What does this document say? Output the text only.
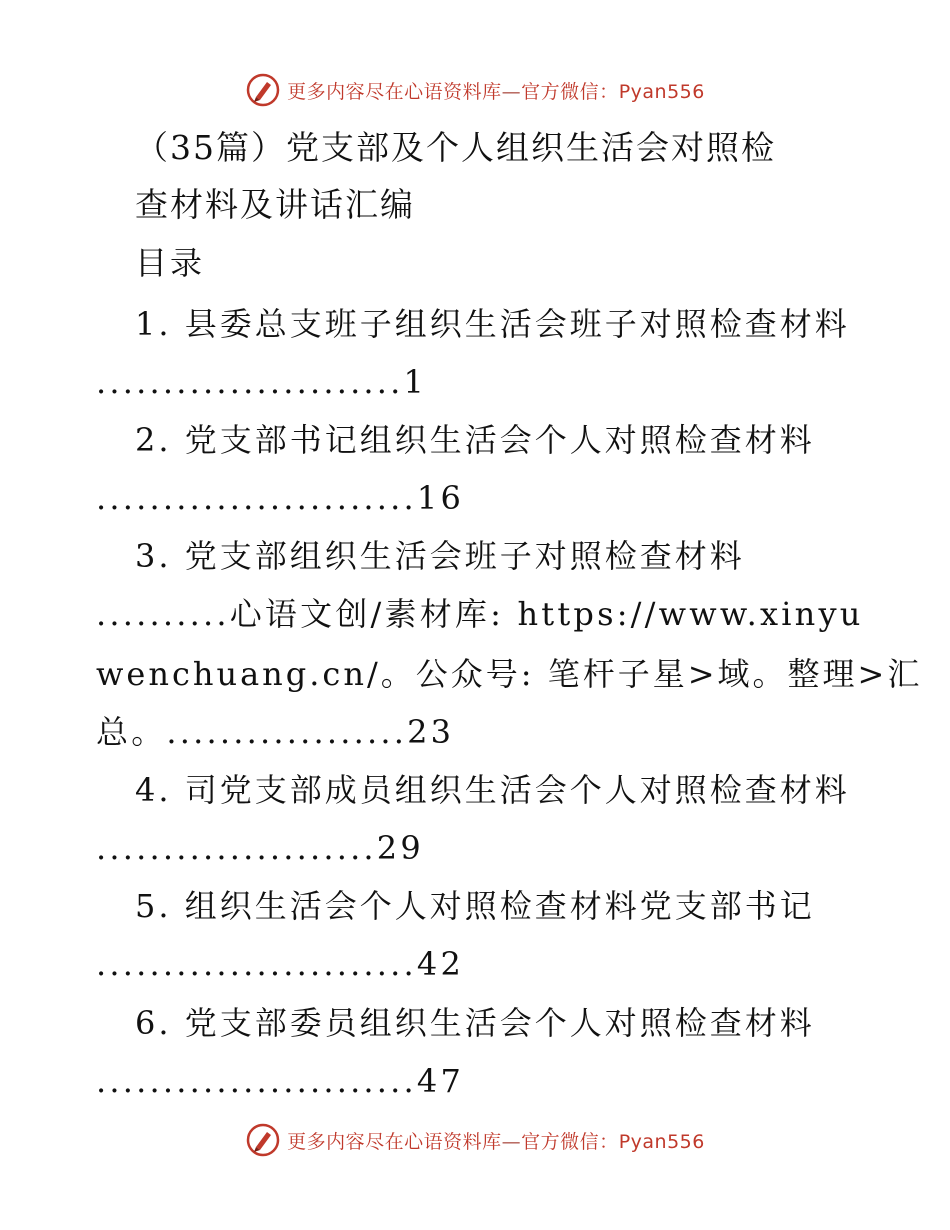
更多内容尽在心语资料库—官方微信：Pyan556
（35篇）党支部及个人组织生活会对照检
查材料及讲话汇编
目录
1. 县委总支班子组织生活会班子对照检查材料
.......................1
2. 党支部书记组织生活会个人对照检查材料
........................16
3. 党支部组织生活会班子对照检查材料
..........心语文创/素材库: https://www.xinyu
wenchuang.cn/。公众号: 笔杆子星>域。整理>汇
总。..................23
4. 司党支部成员组织生活会个人对照检查材料
.....................29
5. 组织生活会个人对照检查材料党支部书记
........................42
6. 党支部委员组织生活会个人对照检查材料
........................47
更多内容尽在心语资料库—官方微信：Pyan556
